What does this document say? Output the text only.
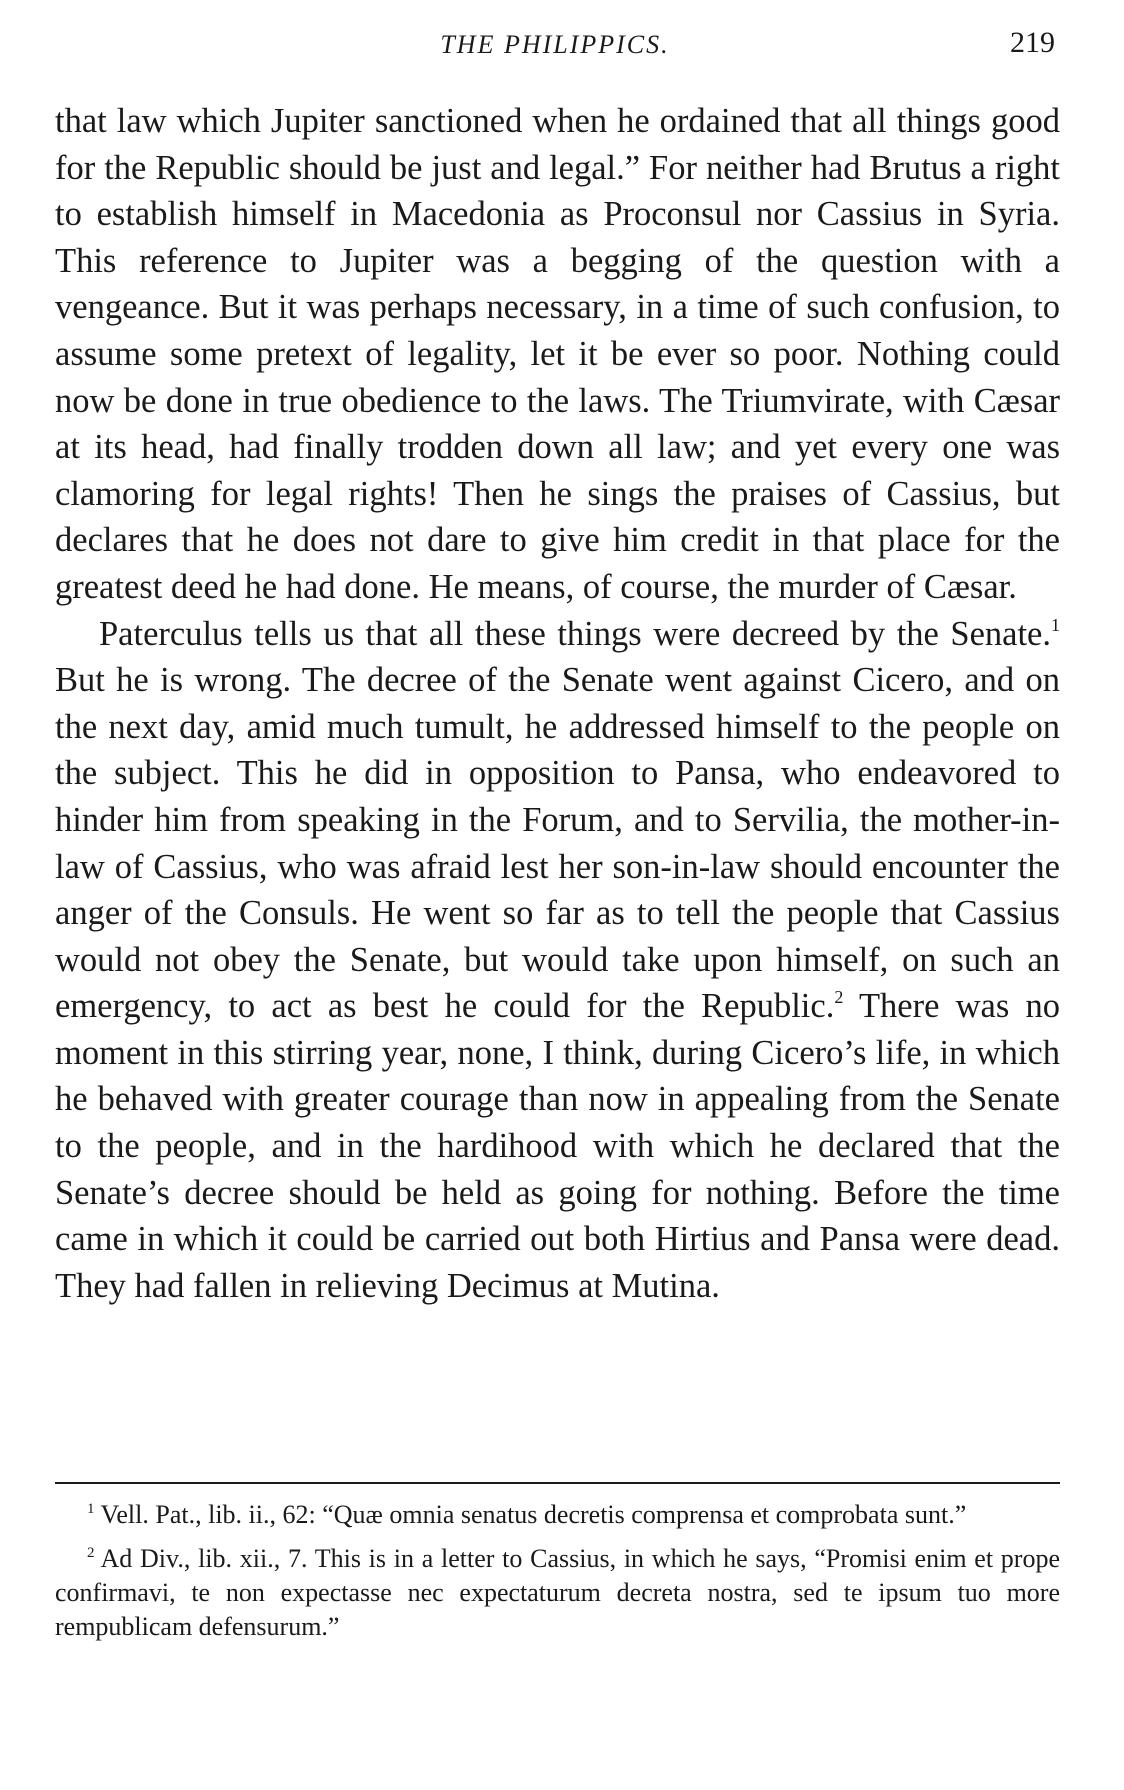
THE PHILIPPICS.	219

that law which Jupiter sanctioned when he ordained that all things good for the Republic should be just and legal.” For neither had Brutus a right to establish himself in Macedonia as Proconsul nor Cassius in Syria. This reference to Jupiter was a begging of the question with a vengeance. But it was perhaps necessary, in a time of such confusion, to assume some pretext of legality, let it be ever so poor. Nothing could now be done in true obedience to the laws. The Triumvirate, with Cæsar at its head, had finally trodden down all law; and yet every one was clamoring for legal rights! Then he sings the praises of Cassius, but declares that he does not dare to give him credit in that place for the greatest deed he had done. He means, of course, the murder of Cæsar.

Paterculus tells us that all these things were decreed by the Senate.$^1$ But he is wrong. The decree of the Senate went against Cicero, and on the next day, amid much tumult, he addressed himself to the people on the subject. This he did in opposition to Pansa, who endeavored to hinder him from speaking in the Forum, and to Servilia, the mother-in-law of Cassius, who was afraid lest her son-in-law should encounter the anger of the Consuls. He went so far as to tell the people that Cassius would not obey the Senate, but would take upon himself, on such an emergency, to act as best he could for the Republic.$^2$ There was no moment in this stirring year, none, I think, during Cicero’s life, in which he behaved with greater courage than now in appealing from the Senate to the people, and in the hardihood with which he declared that the Senate’s decree should be held as going for nothing. Before the time came in which it could be carried out both Hirtius and Pansa were dead. They had fallen in relieving Decimus at Mutina.

$^1$ Vell. Pat., lib. ii., 62: “Quæ omnia senatus decretis comprensa et comprobata sunt.”

$^2$ Ad Div., lib. xii., 7. This is in a letter to Cassius, in which he says, “Promisi enim et prope confirmavi, te non expectasse nec expectaturum decreta nostra, sed te ipsum tuo more rempublicam defensurum.”
